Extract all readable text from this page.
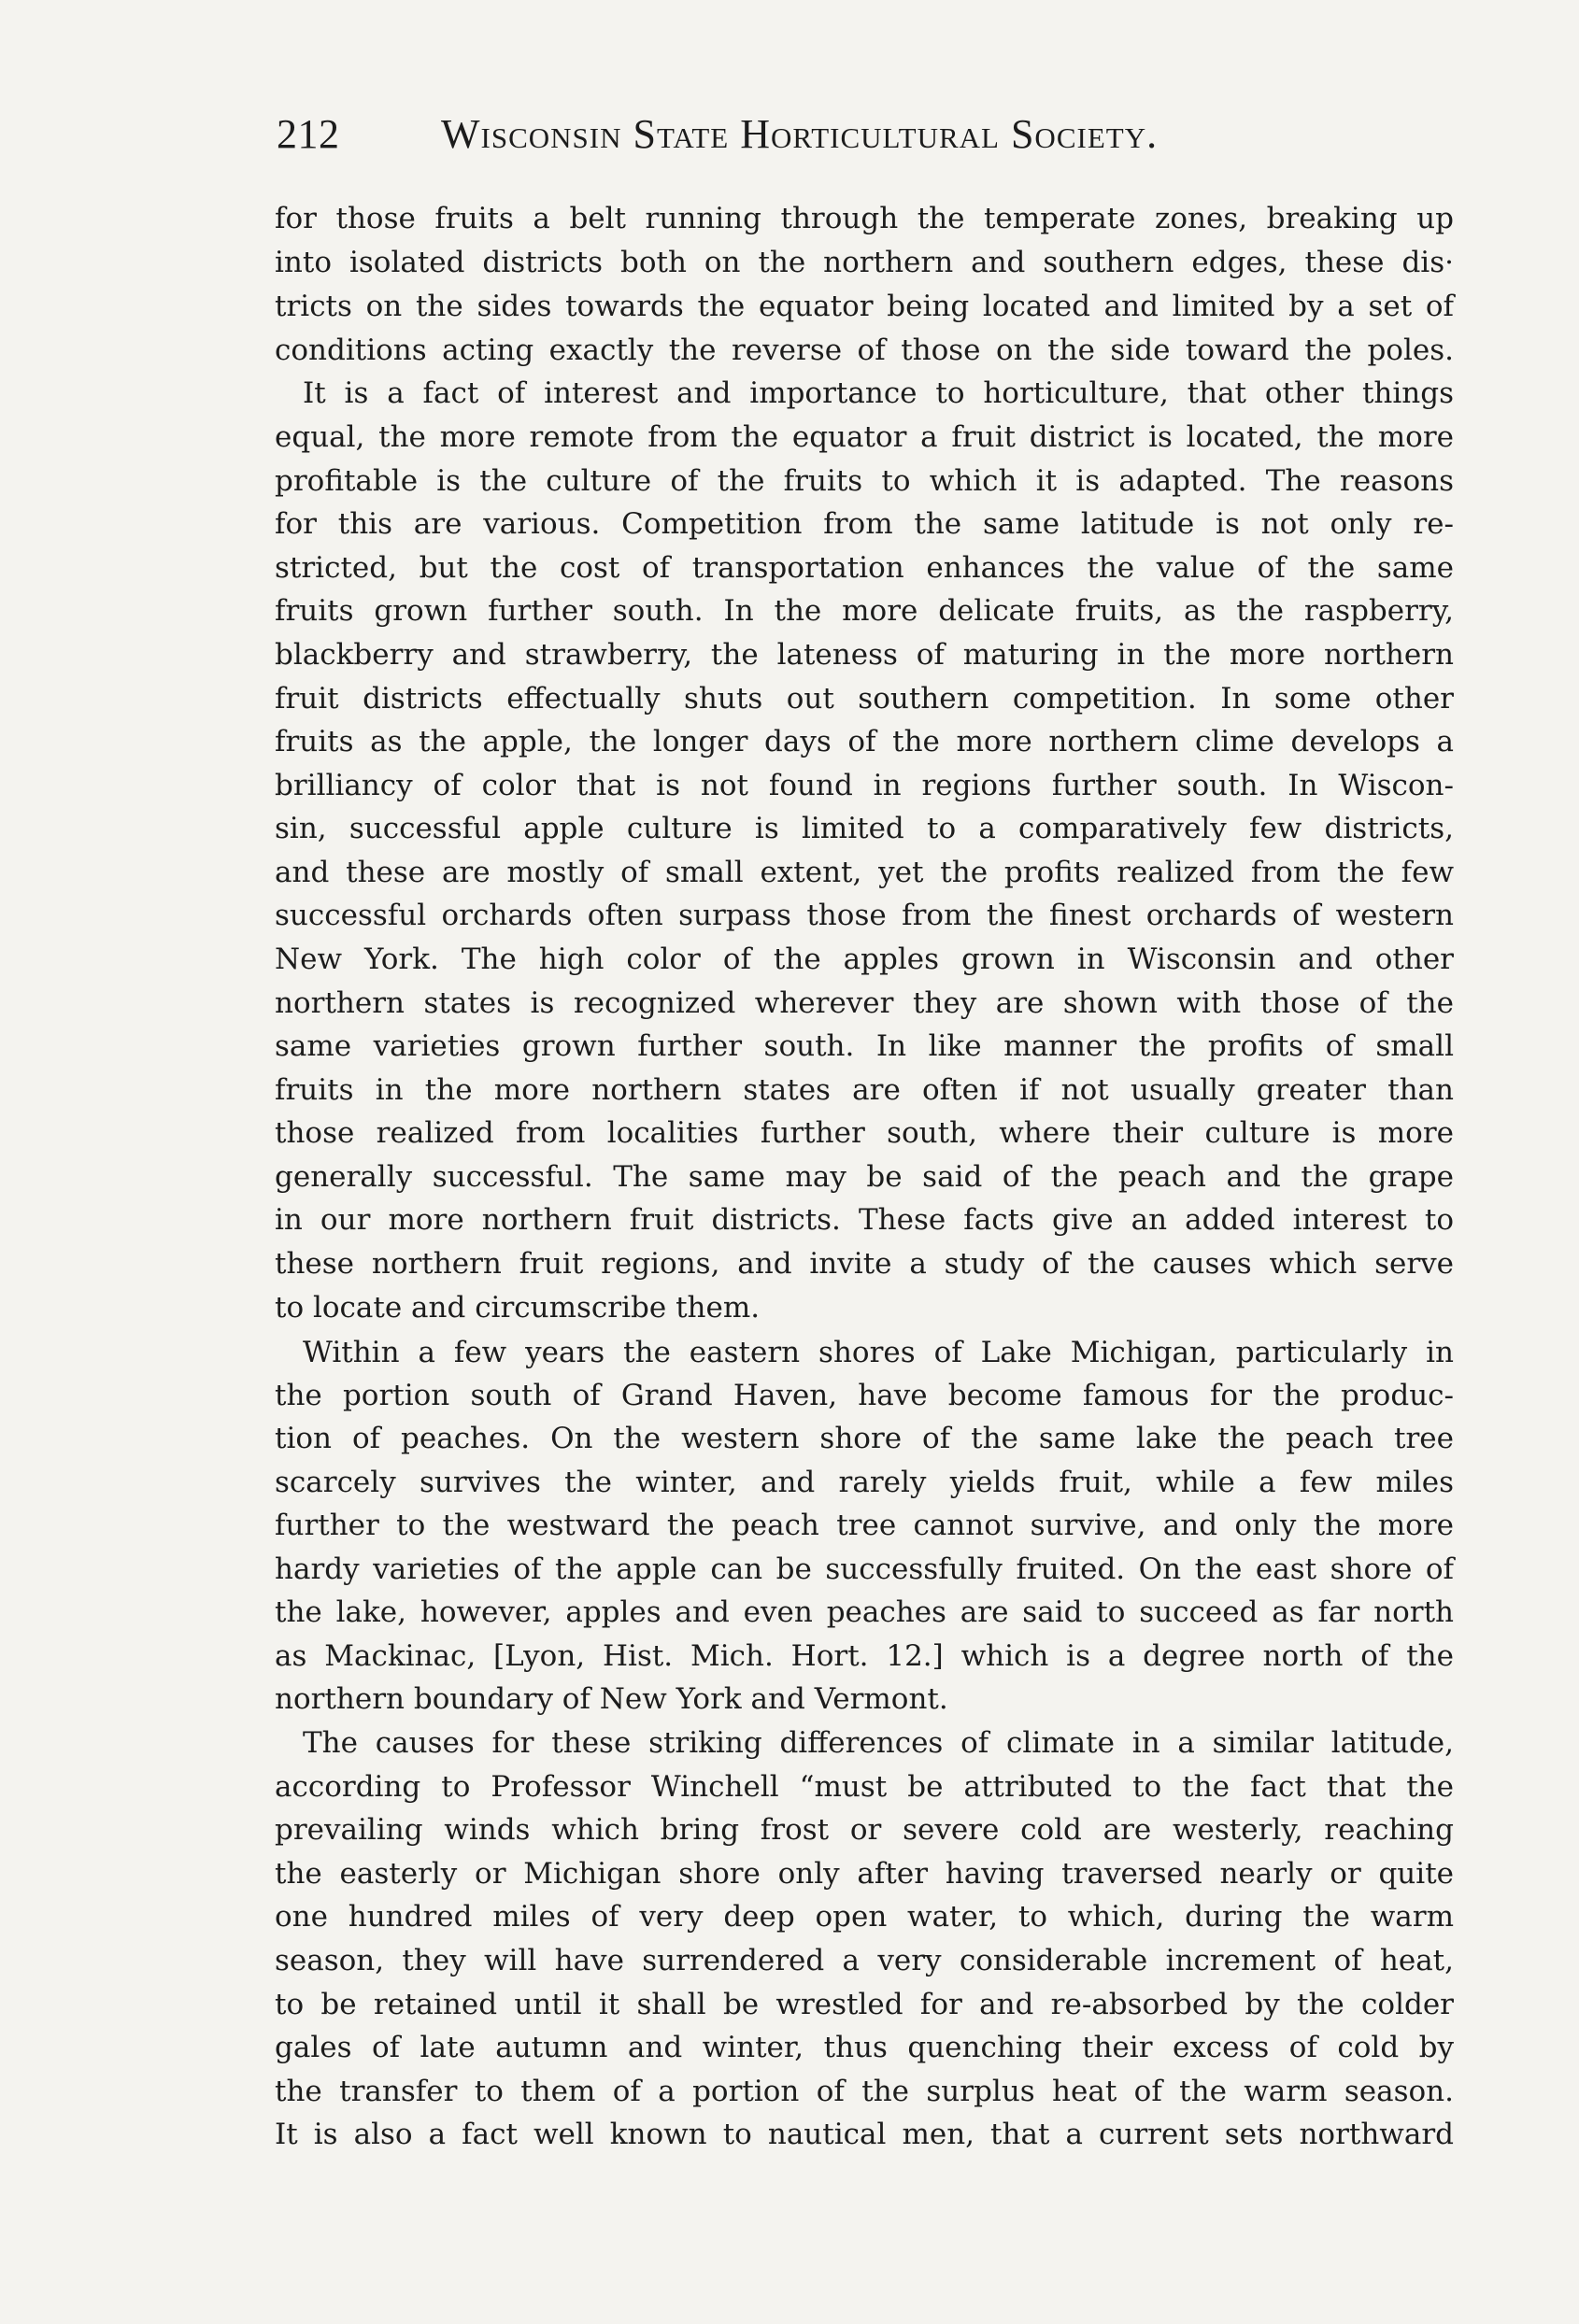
212 Wisconsin State Horticultural Society.
for those fruits a belt running through the temperate zones, breaking up
into isolated districts both on the northern and southern edges, these dis·
tricts on the sides towards the equator being located and limited by a set of
conditions acting exactly the reverse of those on the side toward the poles.
It is a fact of interest and importance to horticulture, that other things
equal, the more remote from the equator a fruit district is located, the more
profitable is the culture of the fruits to which it is adapted. The reasons
for this are various. Competition from the same latitude is not only re-
stricted, but the cost of transportation enhances the value of the same
fruits grown further south. In the more delicate fruits, as the raspberry,
blackberry and strawberry, the lateness of maturing in the more northern
fruit districts effectually shuts out southern competition. In some other
fruits as the apple, the longer days of the more northern clime develops a
brilliancy of color that is not found in regions further south. In Wiscon-
sin, successful apple culture is limited to a comparatively few districts,
and these are mostly of small extent, yet the profits realized from the few
successful orchards often surpass those from the finest orchards of western
New York. The high color of the apples grown in Wisconsin and other
northern states is recognized wherever they are shown with those of the
same varieties grown further south. In like manner the profits of small
fruits in the more northern states are often if not usually greater than
those realized from localities further south, where their culture is more
generally successful. The same may be said of the peach and the grape
in our more northern fruit districts. These facts give an added interest to
these northern fruit regions, and invite a study of the causes which serve
to locate and circumscribe them.
Within a few years the eastern shores of Lake Michigan, particularly in
the portion south of Grand Haven, have become famous for the produc-
tion of peaches. On the western shore of the same lake the peach tree
scarcely survives the winter, and rarely yields fruit, while a few miles
further to the westward the peach tree cannot survive, and only the more
hardy varieties of the apple can be successfully fruited. On the east shore of
the lake, however, apples and even peaches are said to succeed as far north
as Mackinac, [Lyon, Hist. Mich. Hort. 12.] which is a degree north of the
northern boundary of New York and Vermont.
The causes for these striking differences of climate in a similar latitude,
according to Professor Winchell “must be attributed to the fact that the
prevailing winds which bring frost or severe cold are westerly, reaching
the easterly or Michigan shore only after having traversed nearly or quite
one hundred miles of very deep open water, to which, during the warm
season, they will have surrendered a very considerable increment of heat,
to be retained until it shall be wrestled for and re-absorbed by the colder
gales of late autumn and winter, thus quenching their excess of cold by
the transfer to them of a portion of the surplus heat of the warm season.
It is also a fact well known to nautical men, that a current sets northward
